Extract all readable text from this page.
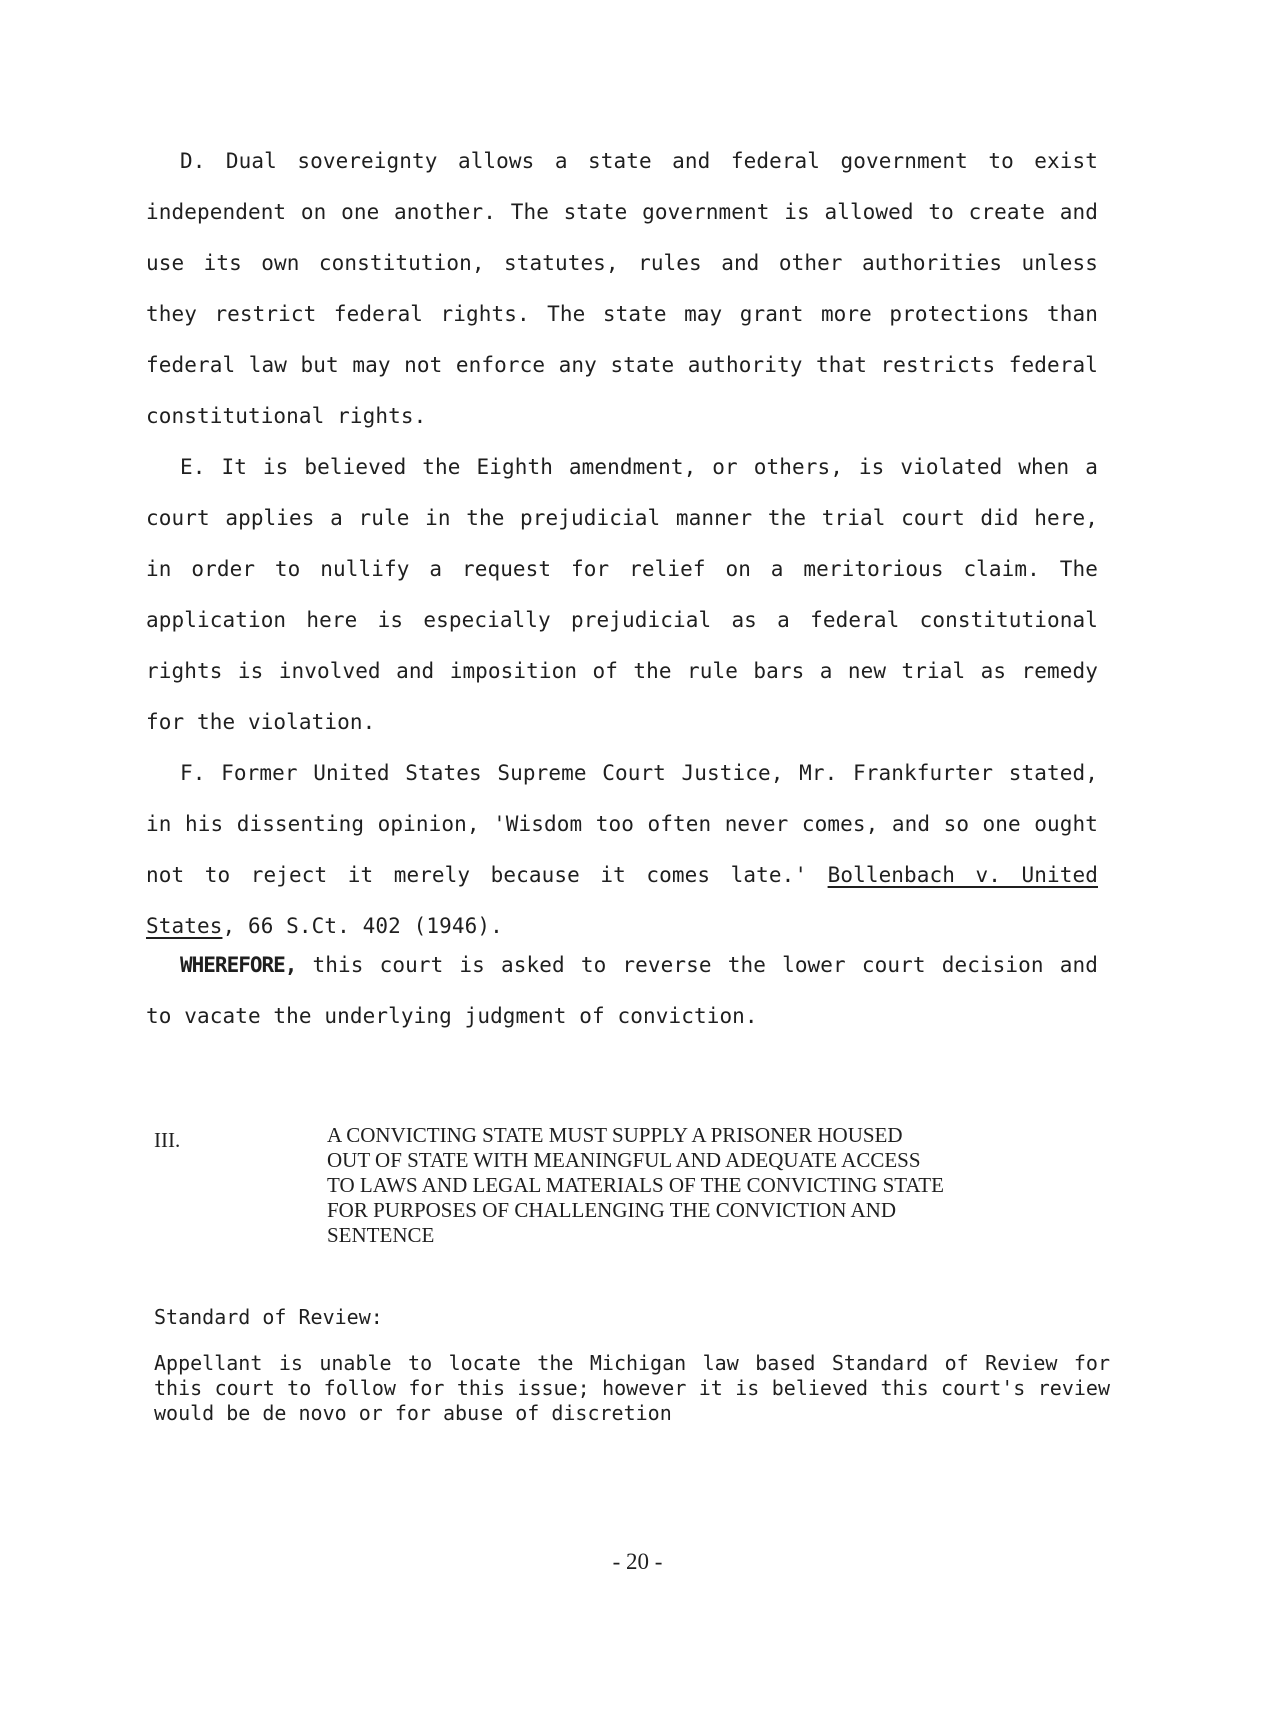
D. Dual sovereignty allows a state and federal government to exist independent on one another. The state government is allowed to create and use its own constitution, statutes, rules and other authorities unless they restrict federal rights. The state may grant more protections than federal law but may not enforce any state authority that restricts federal constitutional rights.

E. It is believed the Eighth amendment, or others, is violated when a court applies a rule in the prejudicial manner the trial court did here, in order to nullify a request for relief on a meritorious claim. The application here is especially prejudicial as a federal constitutional rights is involved and imposition of the rule bars a new trial as remedy for the violation.

F. Former United States Supreme Court Justice, Mr. Frankfurter stated, in his dissenting opinion, 'Wisdom too often never comes, and so one ought not to reject it merely because it comes late.' Bollenbach v. United States, 66 S.Ct. 402 (1946).

WHEREFORE, this court is asked to reverse the lower court decision and to vacate the underlying judgment of conviction.

III.	A CONVICTING STATE MUST SUPPLY A PRISONER HOUSED OUT OF STATE WITH MEANINGFUL AND ADEQUATE ACCESS TO LAWS AND LEGAL MATERIALS OF THE CONVICTING STATE FOR PURPOSES OF CHALLENGING THE CONVICTION AND SENTENCE

Standard of Review:

Appellant is unable to locate the Michigan law based Standard of Review for this court to follow for this issue; however it is believed this court's review would be de novo or for abuse of discretion

- 20 -
